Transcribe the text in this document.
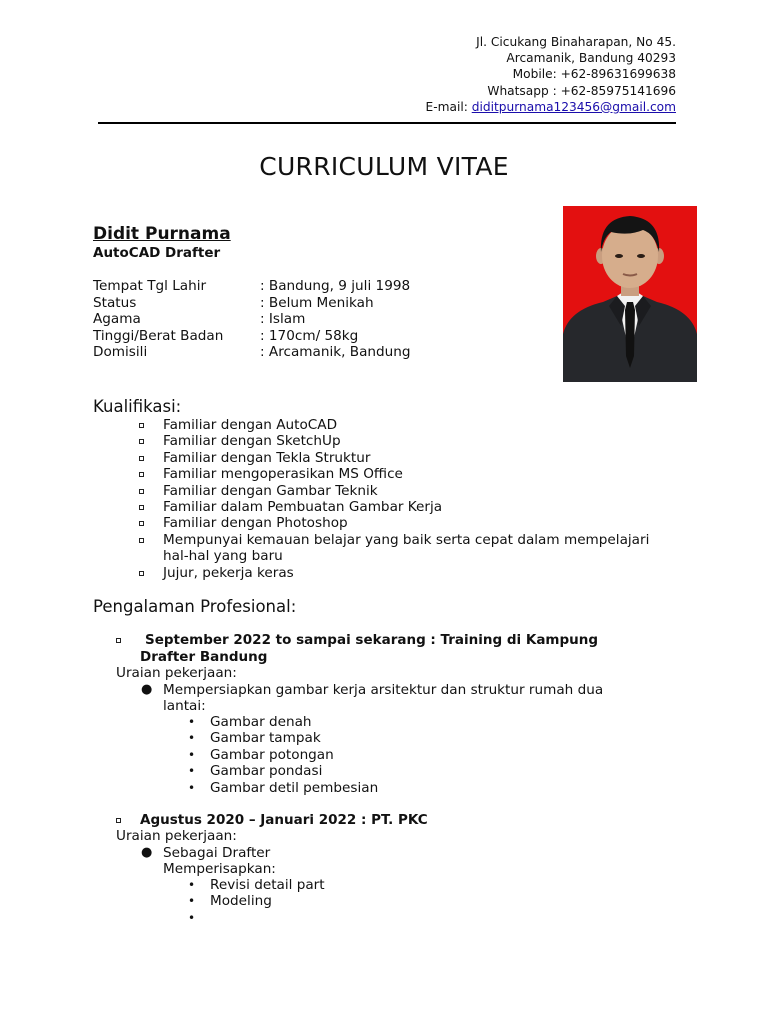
Jl. Cicukang Binaharapan, No 45.
Arcamanik, Bandung 40293
Mobile: +62-89631699638
Whatsapp : +62-85975141696
E-mail: diditpurnama123456@gmail.com
CURRICULUM VITAE
Didit Purnama
AutoCAD Drafter
Tempat Tgl Lahir	: Bandung, 9 juli 1998
Status	: Belum Menikah
Agama	: Islam
Tinggi/Berat Badan	: 170cm/ 58kg
Domisili	: Arcamanik, Bandung
Kualifikasi:
Familiar dengan AutoCAD
Familiar dengan SketchUp
Familiar dengan Tekla Struktur
Familiar mengoperasikan MS Office
Familiar dengan Gambar Teknik
Familiar dalam Pembuatan Gambar Kerja
Familiar dengan Photoshop
Mempunyai kemauan belajar yang baik serta cepat dalam mempelajari
hal-hal yang baru
Jujur, pekerja keras
Pengalaman Profesional:
September 2022 to sampai sekarang : Training di Kampung
Drafter Bandung
Uraian pekerjaan:
● Mempersiapkan gambar kerja arsitektur dan struktur rumah dua
lantai:
• Gambar denah
• Gambar tampak
• Gambar potongan
• Gambar pondasi
• Gambar detil pembesian
Agustus 2020 – Januari 2022 : PT. PKC
Uraian pekerjaan:
● Sebagai Drafter
Memperisapkan:
• Revisi detail part
• Modeling
•
